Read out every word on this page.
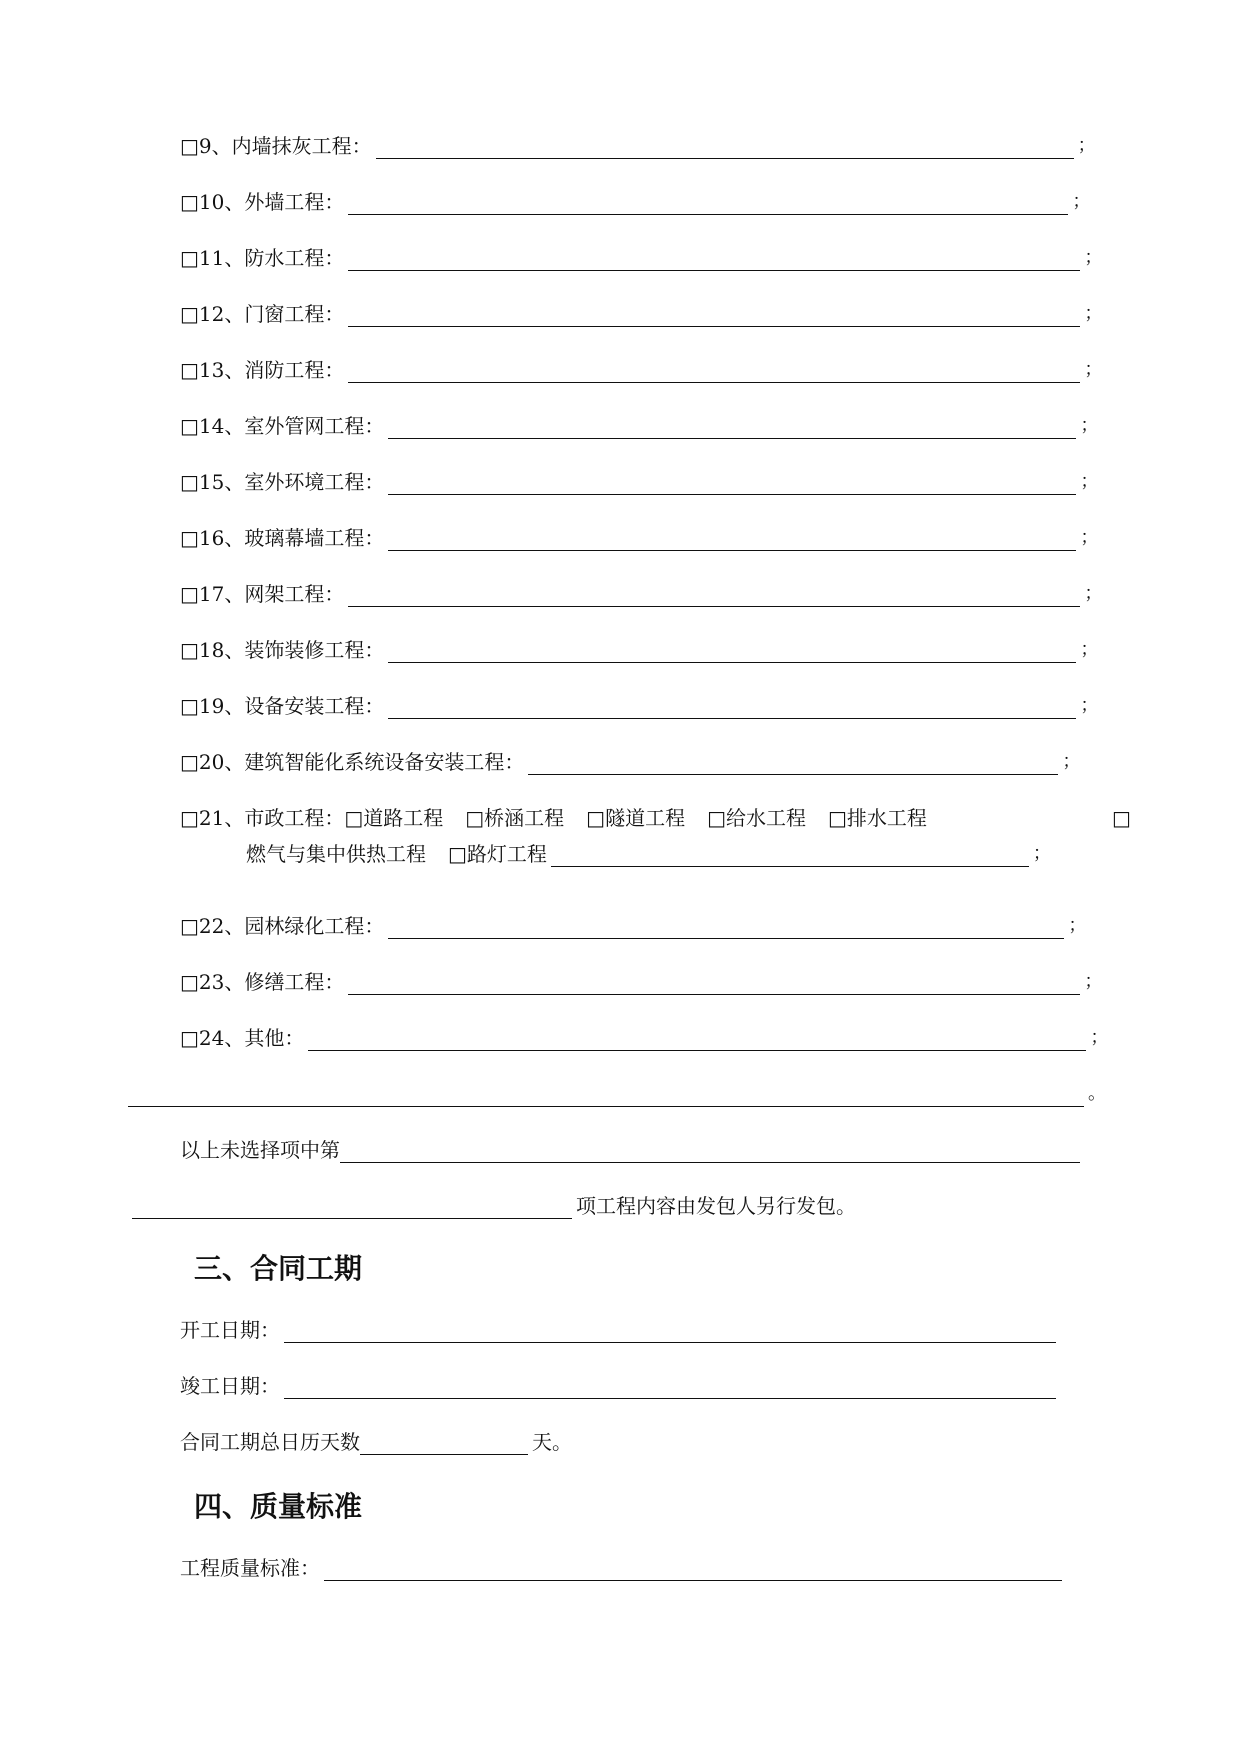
□ 9、内墙抹灰工程：	；
□ 10、外墙工程：	；
□ 11、防水工程：	；
□ 12、门窗工程：	；
□ 13、消防工程：	；
□ 14、室外管网工程：	；
□ 15、室外环境工程：	；
□ 16、玻璃幕墙工程：	；
□ 17、网架工程：	；
□ 18、装饰装修工程：	；
□ 19、设备安装工程：	；
□ 20、建筑智能化系统设备安装工程：	；
□ 21、市政工程： □道路工程 □桥涵工程 □隧道工程 □给水工程 □排水工程	□
燃气与集中供热工程 □路灯工程	；
□ 22、园林绿化工程：	；
□ 23、修缮工程：	；
□ 24、其他：	；
。
以上未选择项中第
项工程内容由发包人另行发包。
三、合同工期
开工日期：
竣工日期：
合同工期总日历天数	天。
四、质量标准
工程质量标准：
